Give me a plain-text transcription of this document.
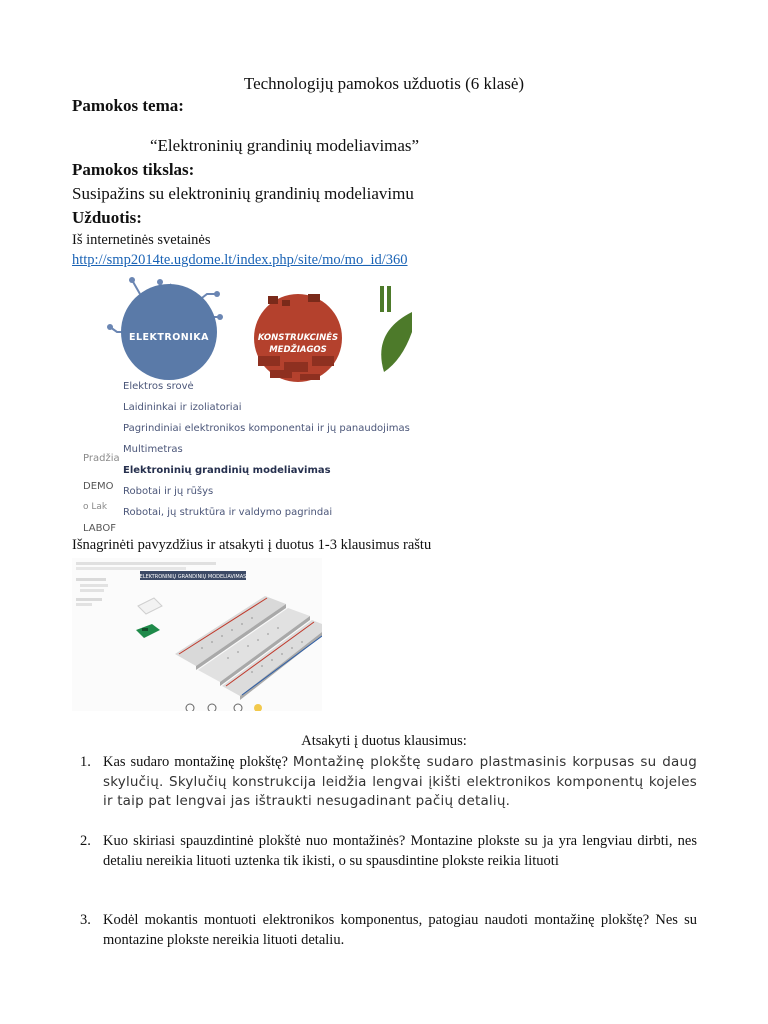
Technologijų pamokos užduotis (6 klasė)
Pamokos tema:
“Elektroninių grandinių modeliavimas”
Pamokos tikslas:
Susipažins su elektroninių grandinių modeliavimu
Užduotis:
Iš internetinės svetainės
http://smp2014te.ugdome.lt/index.php/site/mo/mo_id/360
ELEKTRONIKA	KONSTRUKCINĖS
MEDŽIAGOS
Elektros srovė
Laidininkai ir izoliatoriai
Pagrindiniai elektronikos komponentai ir jų panaudojimas
Multimetras
Elektroninių grandinių modeliavimas
Robotai ir jų rūšys
Robotai, jų struktūra ir valdymo pagrindai
Pradžia
DEMO
o Lak
LABOF
Išnagrinėti pavyzdžius ir atsakyti į duotus 1-3 klausimus raštu
ELEKTRONINIŲ GRANDINIŲ MODELIAVIMAS
Atsakyti į duotus klausimus:
1. Kas sudaro montažinę plokštę? Montažinę plokštę sudaro plastmasinis korpusas su daug skylučių. Skylučių konstrukcija leidžia lengvai įkišti elektronikos komponentų kojeles ir taip pat lengvai jas ištraukti nesugadinant pačių detalių.
2. Kuo skiriasi spauzdintinė plokštė nuo montažinės? Montazine plokste su ja yra lengviau dirbti, nes detaliu nereikia lituoti uztenka tik ikisti, o su spausdintine plokste reikia lituoti
3. Kodėl mokantis montuoti elektronikos komponentus, patogiau naudoti montažinę plokštę? Nes su montazine plokste nereikia lituoti detaliu.
